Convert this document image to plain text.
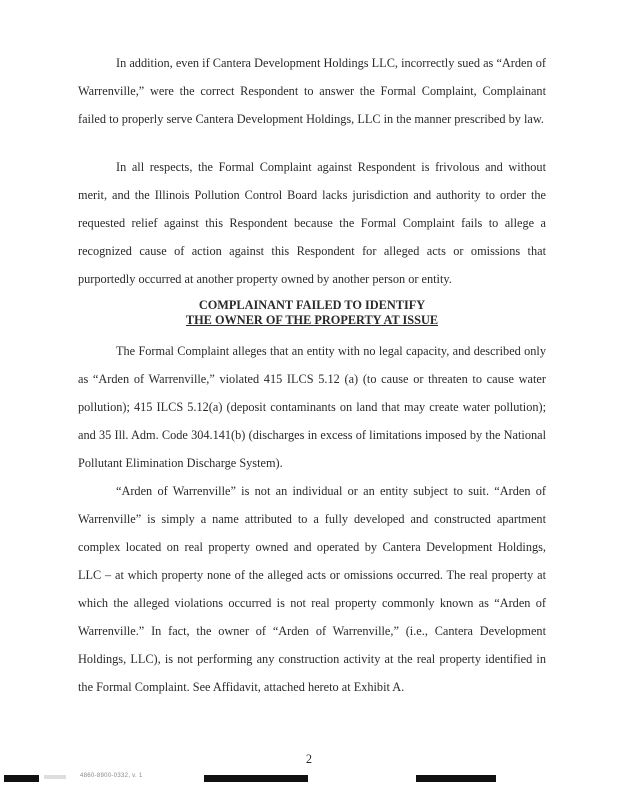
In addition, even if Cantera Development Holdings LLC, incorrectly sued as “Arden of Warrenville,” were the correct Respondent to answer the Formal Complaint, Complainant failed to properly serve Cantera Development Holdings, LLC in the manner prescribed by law.

In all respects, the Formal Complaint against Respondent is frivolous and without merit, and the Illinois Pollution Control Board lacks jurisdiction and authority to order the requested relief against this Respondent because the Formal Complaint fails to allege a recognized cause of action against this Respondent for alleged acts or omissions that purportedly occurred at another property owned by another person or entity.

COMPLAINANT FAILED TO IDENTIFY
THE OWNER OF THE PROPERTY AT ISSUE

The Formal Complaint alleges that an entity with no legal capacity, and described only as “Arden of Warrenville,” violated 415 ILCS 5.12 (a) (to cause or threaten to cause water pollution); 415 ILCS 5.12(a) (deposit contaminants on land that may create water pollution); and 35 Ill. Adm. Code 304.141(b) (discharges in excess of limitations imposed by the National Pollutant Elimination Discharge System).

“Arden of Warrenville” is not an individual or an entity subject to suit. “Arden of Warrenville” is simply a name attributed to a fully developed and constructed apartment complex located on real property owned and operated by Cantera Development Holdings, LLC – at which property none of the alleged acts or omissions occurred. The real property at which the alleged violations occurred is not real property commonly known as “Arden of Warrenville.” In fact, the owner of “Arden of Warrenville,” (i.e., Cantera Development Holdings, LLC), is not performing any construction activity at the real property identified in the Formal Complaint. See Affidavit, attached hereto at Exhibit A.

2
4860-8900-0332, v. 1
